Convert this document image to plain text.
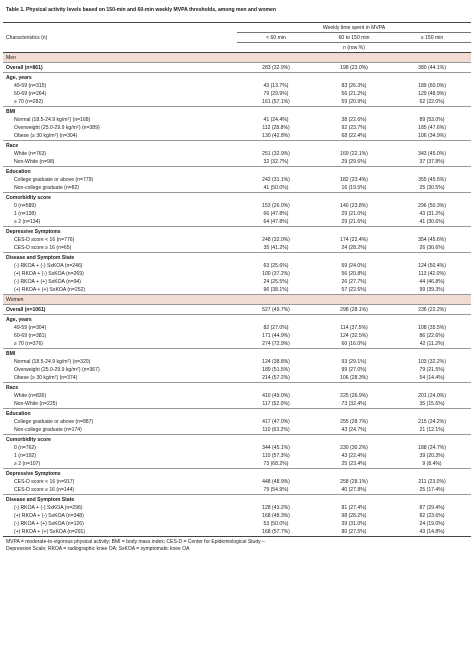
Table 1. Physical activity levels based on 150-min and 60-min weekly MVPA thresholds, among men and women
		Weekly time spent in MVPA		
Characteristics (n)		< 60 min	60 to 150 min	≥ 150 min
		n (row %)		
Men				
Overall (n=861)		283 (32.9%)	198 (23.0%)	380 (44.1%)
Age, years				
49-59 (n=315)		43 (13.7%)	83 (26.3%)	189 (60.0%)
60-69 (n=264)		79 (29.9%)	56 (21.2%)	129 (48.9%)
≥ 70 (n=282)		161 (57.1%)	59 (20.9%)	62 (22.0%)
BMI				
Normal (18.5-24.9 $kg/m^2$) (n=168)		41 (24.4%)	38 (22.6%)	89 (53.0%)
Overweight (25.0-29.9 $kg/m^2$) (n=389)		112 (28.8%)	92 (23.7%)	185 (47.6%)
Obese (≥ 30 $kg/m^2$) (n=304)		130 (42.8%)	68 (22.4%)	106 (34.9%)
Race				
White (n=763)		251 (32.9%)	169 (22.1%)	343 (45.0%)
Non-White (n=98)		32 (32.7%)	29 (29.6%)	37 (37.8%)
Education				
College graduate or above (n=779)		242 (31.1%)	182 (23.4%)	355 (45.6%)
Non-college graduate (n=82)		41 (50.0%)	16 (19.5%)	25 (30.5%)
Comorbidity score				
0 (n=589)		153 (26.0%)	140 (23.8%)	296 (50.3%)
1 (n=138)		66 (47.8%)	29 (21.0%)	43 (31.2%)
≥ 2 (n=134)		64 (47.8%)	29 (21.6%)	41 (30.6%)
Depressive Symptoms				
CES-D score < 16 (n=776)		248 (32.0%)	174 (22.4%)	354 (45.6%)
CES-D score ≥ 16 (n=65)		35 (41.2%)	24 (28.2%)	26 (30.6%)
Disease and Symptom State				
(-) RKOA + (-) SxKOA (n=246)		63 (25.6%)	59 (24.0%)	124 (50.4%)
(+) RKOA + (-) SxKOA (n=269)		100 (37.2%)	56 (20.8%)	113 (42.0%)
(-) RKOA + (+) SxKOA (n=94)		24 (25.5%)	26 (27.7%)	44 (46.8%)
(+) RKOA + (+) SxKOA (n=252)		96 (38.1%)	57 (22.6%)	99 (39.3%)
Women				
Overall (n=1061)		527 (49.7%)	298 (28.1%)	236 (22.2%)
Age, years				
49-59 (n=304)		82 (27.0%)	114 (37.5%)	108 (35.5%)
60-69 (n=381)		171 (44.9%)	124 (32.5%)	86 (22.6%)
≥ 70 (n=376)		274 (72.9%)	60 (16.0%)	42 (11.2%)
BMI				
Normal (18.5-24.9 $kg/m^2$) (n=320)		124 (38.8%)	93 (29.1%)	103 (32.2%)
Overweight (25.0-29.9 $kg/m^2$) (n=367)		189 (51.5%)	99 (27.0%)	79 (21.5%)
Obese (≥ 30 $kg/m^2$) (n=374)		214 (57.2%)	106 (28.3%)	54 (14.4%)
Race				
White (n=836)		410 (49.0%)	225 (26.9%)	201 (24.0%)
Non-White (n=225)		117 (52.0%)	73 (32.4%)	35 (15.6%)
Education				
College graduate or above (n=887)		417 (47.0%)	255 (28.7%)	215 (24.2%)
Non-college graduate (n=174)		110 (63.2%)	43 (24.7%)	21 (12.1%)
Comorbidity score				
0 (n=762)		344 (45.1%)	230 (30.2%)	188 (24.7%)
1 (n=192)		110 (57.3%)	43 (22.4%)	39 (20.3%)
≥ 2 (n=107)		73 (68.2%)	25 (23.4%)	9 (8.4%)
Depressive Symptoms				
CES-D score < 16 (n=917)		448 (48.9%)	258 (28.1%)	211 (23.0%)
CES-D score ≥ 16 (n=144)		79 (54.9%)	40 (27.8%)	25 (17.4%)
Disease and Symptom State				
(-) RKOA + (-) SxKOA (n=296)		128 (43.2%)	81 (27.4%)	87 (29.4%)
(+) RKOA + (-) SxKOA (n=348)		168 (48.3%)	98 (28.2%)	82 (23.6%)
(-) RKOA + (+) SxKOA (n=126)		53 (50.0%)	39 (31.0%)	24 (19.0%)
(+) RKOA + (+) SxKOA (n=291)		168 (57.7%)	80 (27.5%)	43 (14.8%)
MVPA = moderate-to-vigorous physical activity; BMI = body mass index; CES-D = Center for Epidemiological Study –
Depression Scale; RKOA = radiographic knee OA; SxKOA = symptomatic knee OA
